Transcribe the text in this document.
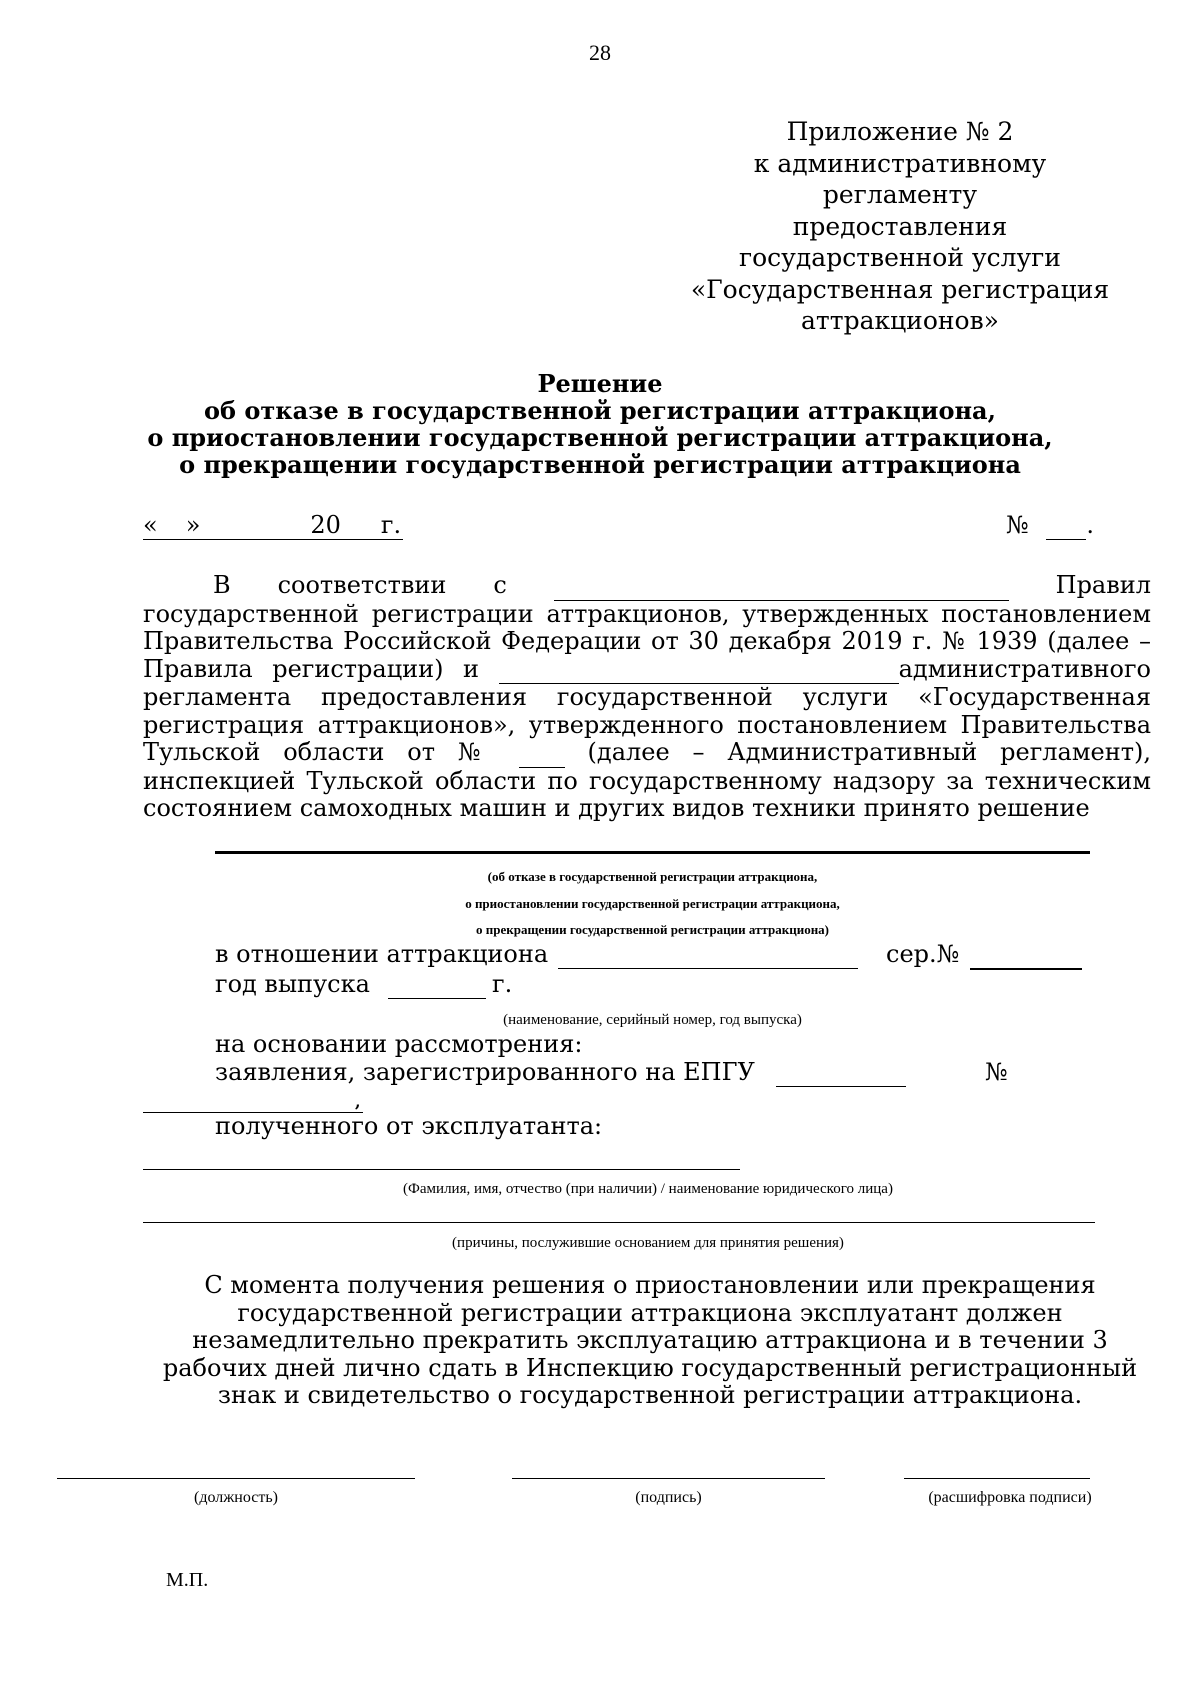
28
Приложение № 2
к административному регламенту
предоставления
государственной услуги
«Государственная регистрация
аттракционов»
Решение
об отказе в государственной регистрации аттракциона,
о приостановлении государственной регистрации аттракциона,
о прекращении государственной регистрации аттракциона
« »	20 г.	№ .
В соответствии с	Правил государственной регистрации аттракционов, утвержденных постановлением Правительства Российской Федерации от 30 декабря 2019 г. № 1939 (далее – Правила регистрации) и	административного регламента предоставления государственной услуги «Государственная регистрация аттракционов», утвержденного постановлением Правительства Тульской области от №	(далее – Административный регламент), инспекцией Тульской области по государственному надзору за техническим состоянием самоходных машин и других видов техники принято решение
(об отказе в государственной регистрации аттракциона,
о приостановлении государственной регистрации аттракциона,
о прекращении государственной регистрации аттракциона)
в отношении аттракциона	сер.№
год выпуска	г.
(наименование, серийный номер, год выпуска)
на основании рассмотрения:
заявления, зарегистрированного на ЕПГУ	№
,
полученного от эксплуатанта:
(Фамилия, имя, отчество (при наличии) / наименование юридического лица)
(причины, послужившие основанием для принятия решения)
С момента получения решения о приостановлении или прекращения государственной регистрации аттракциона эксплуатант должен незамедлительно прекратить эксплуатацию аттракциона и в течении 3 рабочих дней лично сдать в Инспекцию государственный регистрационный знак и свидетельство о государственной регистрации аттракциона.
(должность)	(подпись)	(расшифровка подписи)
М.П.
